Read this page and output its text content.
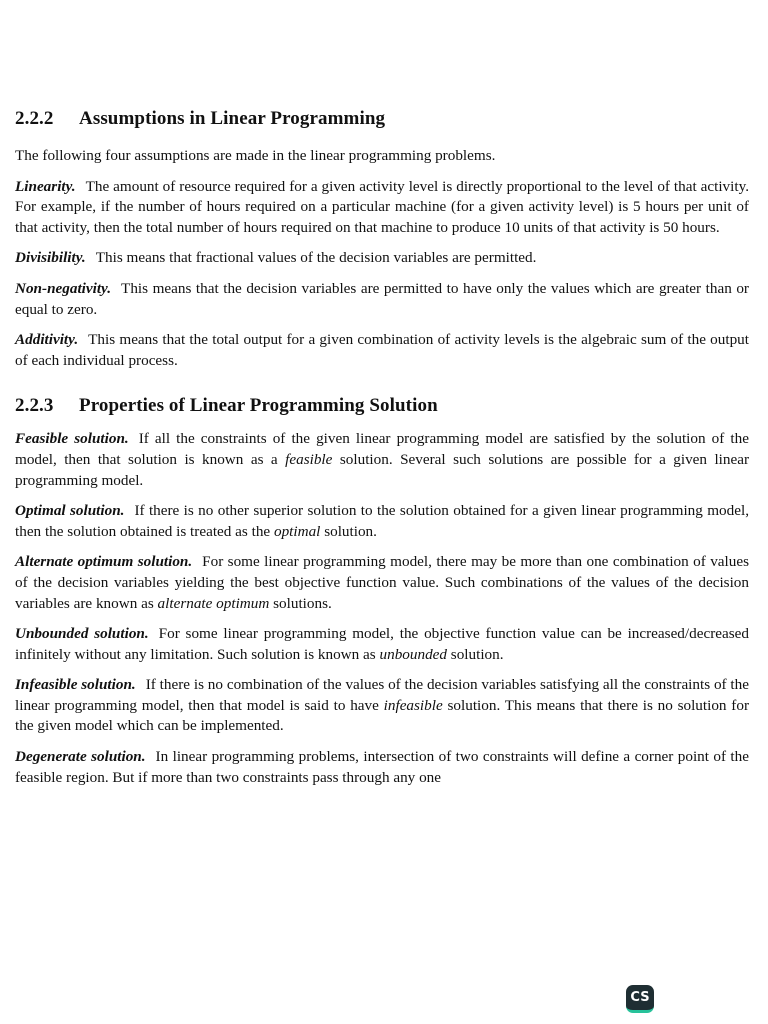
2.2.2 Assumptions in Linear Programming

The following four assumptions are made in the linear programming problems.

Linearity. The amount of resource required for a given activity level is directly proportional to the level of that activity. For example, if the number of hours required on a particular machine (for a given activity level) is 5 hours per unit of that activity, then the total number of hours required on that machine to produce 10 units of that activity is 50 hours.

Divisibility. This means that fractional values of the decision variables are permitted.

Non-negativity. This means that the decision variables are permitted to have only the values which are greater than or equal to zero.

Additivity. This means that the total output for a given combination of activity levels is the algebraic sum of the output of each individual process.

2.2.3 Properties of Linear Programming Solution

Feasible solution. If all the constraints of the given linear programming model are satisfied by the solution of the model, then that solution is known as a feasible solution. Several such solutions are possible for a given linear programming model.

Optimal solution. If there is no other superior solution to the solution obtained for a given linear programming model, then the solution obtained is treated as the optimal solution.

Alternate optimum solution. For some linear programming model, there may be more than one combination of values of the decision variables yielding the best objective function value. Such combinations of the values of the decision variables are known as alternate optimum solutions.

Unbounded solution. For some linear programming model, the objective function value can be increased/decreased infinitely without any limitation. Such solution is known as unbounded solution.

Infeasible solution. If there is no combination of the values of the decision variables satisfying all the constraints of the linear programming model, then that model is said to have infeasible solution. This means that there is no solution for the given model which can be implemented.

Degenerate solution. In linear programming problems, intersection of two constraints will define a corner point of the feasible region. But if more than two constraints pass through any one

CS
